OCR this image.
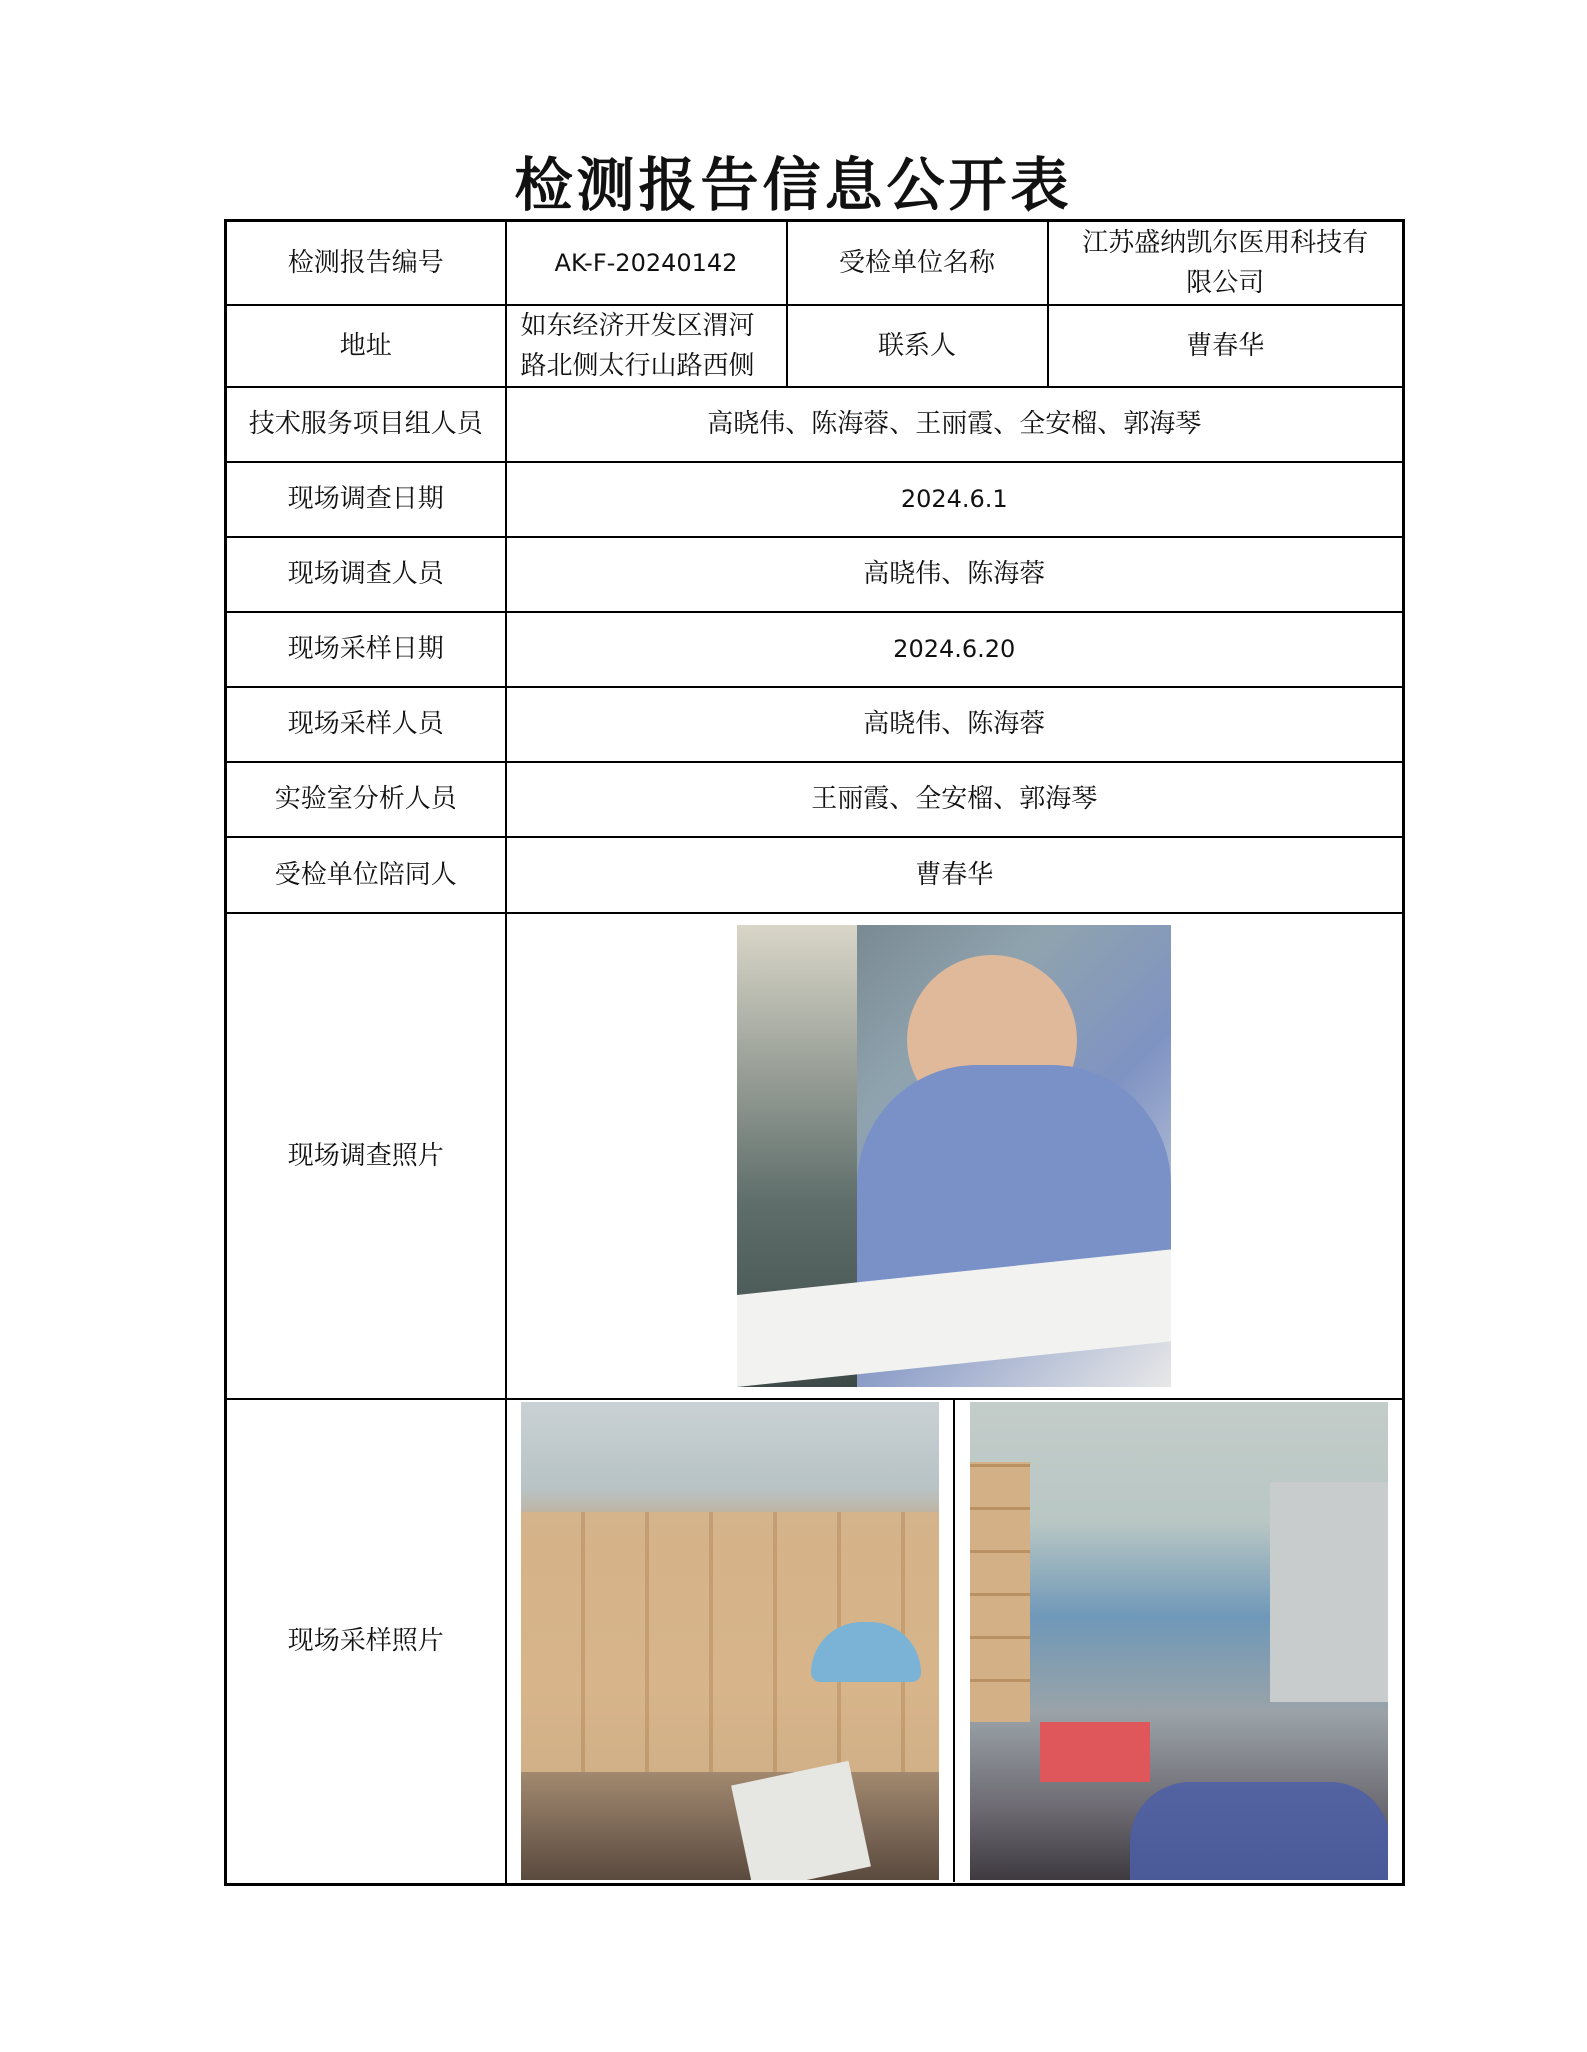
检测报告信息公开表
检测报告编号	AK-F-20240142	受检单位名称	江苏盛纳凯尔医用科技有限公司
地址	如东经济开发区渭河路北侧太行山路西侧	联系人	曹春华
技术服务项目组人员	高晓伟、陈海蓉、王丽霞、全安榴、郭海琴		
现场调查日期	2024.6.1		
现场调查人员	高晓伟、陈海蓉		
现场采样日期	2024.6.20		
现场采样人员	高晓伟、陈海蓉		
实验室分析人员	王丽霞、全安榴、郭海琴		
受检单位陪同人	曹春华		
现场调查照片			

现场采样照片			
